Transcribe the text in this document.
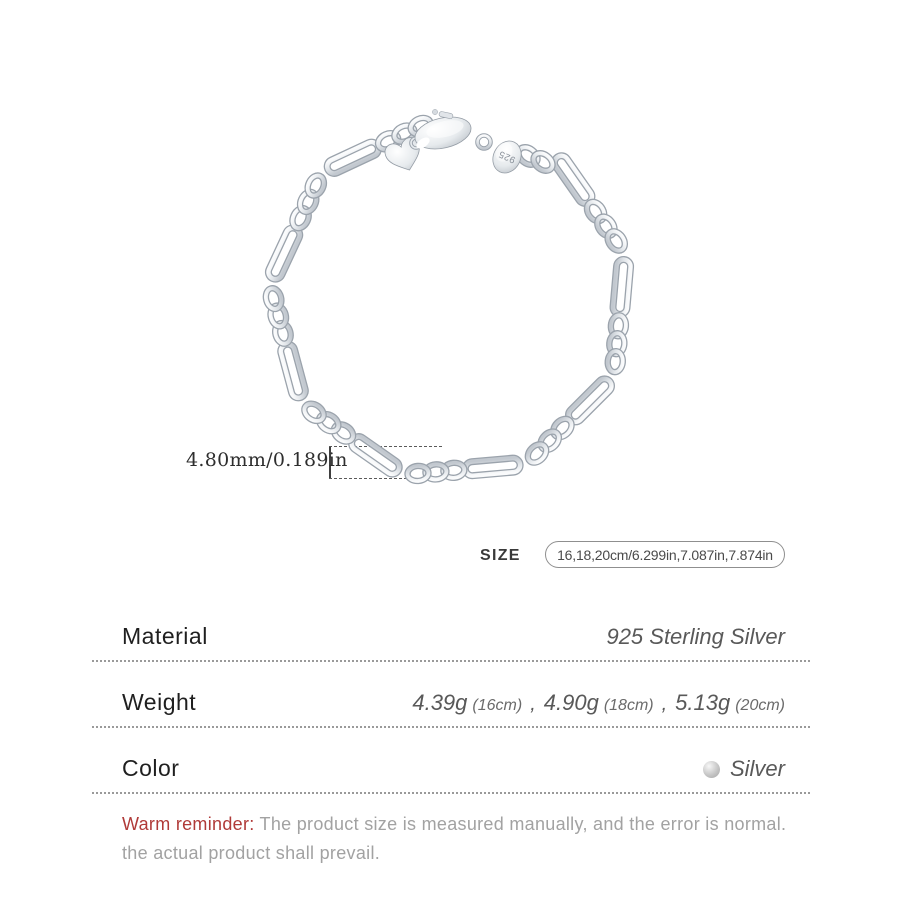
925
4.80mm/0.189in
SIZE	16,18,20cm/6.299in,7.087in,7.874in
Material	925 Sterling Silver
Weight	4.39g (16cm) , 4.90g (18cm) , 5.13g (20cm)
Color	Silver
Warm reminder: The product size is measured manually, and the error is normal.
the actual product shall prevail.
